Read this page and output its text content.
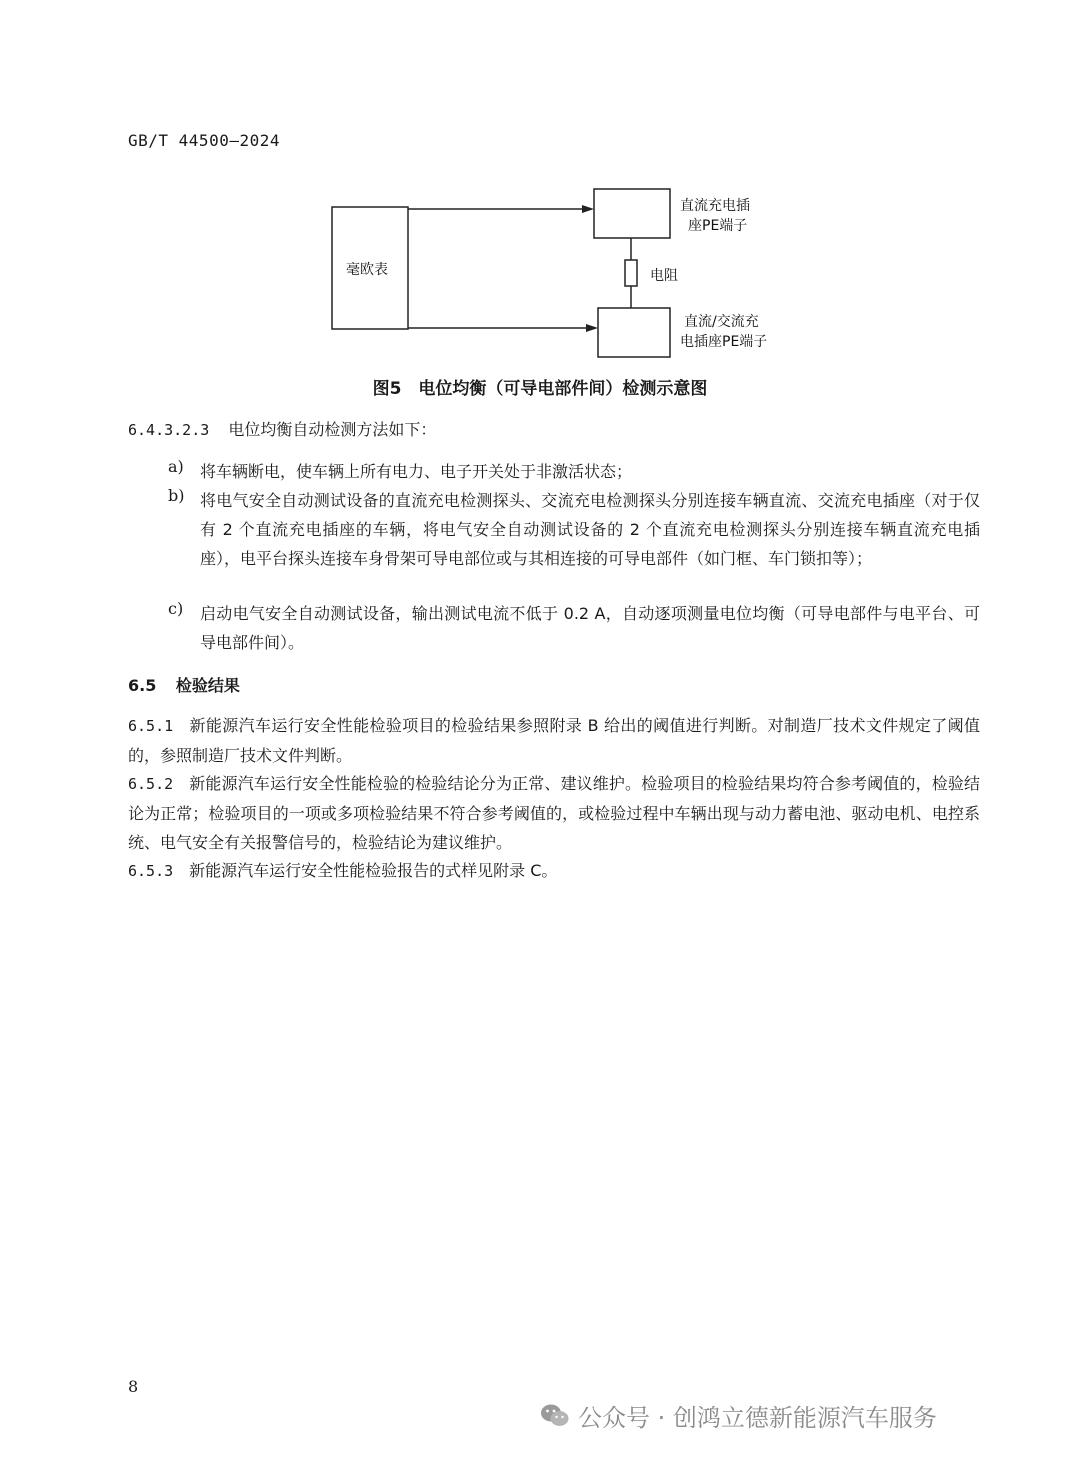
GB/T 44500—2024
毫欧表
直流充电插
座PE端子
电阻
直流/交流充
电插座PE端子
图5　电位均衡（可导电部件间）检测示意图
6.4.3.2.3 电位均衡自动检测方法如下：
a) 将车辆断电，使车辆上所有电力、电子开关处于非激活状态；
b) 将电气安全自动测试设备的直流充电检测探头、交流充电检测探头分别连接车辆直流、交流充电插座（对于仅有 2 个直流充电插座的车辆，将电气安全自动测试设备的 2 个直流充电检测探头分别连接车辆直流充电插座），电平台探头连接车身骨架可导电部位或与其相连接的可导电部件（如门框、车门锁扣等）；
c) 启动电气安全自动测试设备，输出测试电流不低于 0.2 A，自动逐项测量电位均衡（可导电部件与电平台、可导电部件间）。
6.5 检验结果
6.5.1 新能源汽车运行安全性能检验项目的检验结果参照附录 B 给出的阈值进行判断。对制造厂技术文件规定了阈值的，参照制造厂技术文件判断。
6.5.2 新能源汽车运行安全性能检验的检验结论分为正常、建议维护。检验项目的检验结果均符合参考阈值的，检验结论为正常；检验项目的一项或多项检验结果不符合参考阈值的，或检验过程中车辆出现与动力蓄电池、驱动电机、电控系统、电气安全有关报警信号的，检验结论为建议维护。
6.5.3 新能源汽车运行安全性能检验报告的式样见附录 C。
8
公众号 · 创鸿立德新能源汽车服务
